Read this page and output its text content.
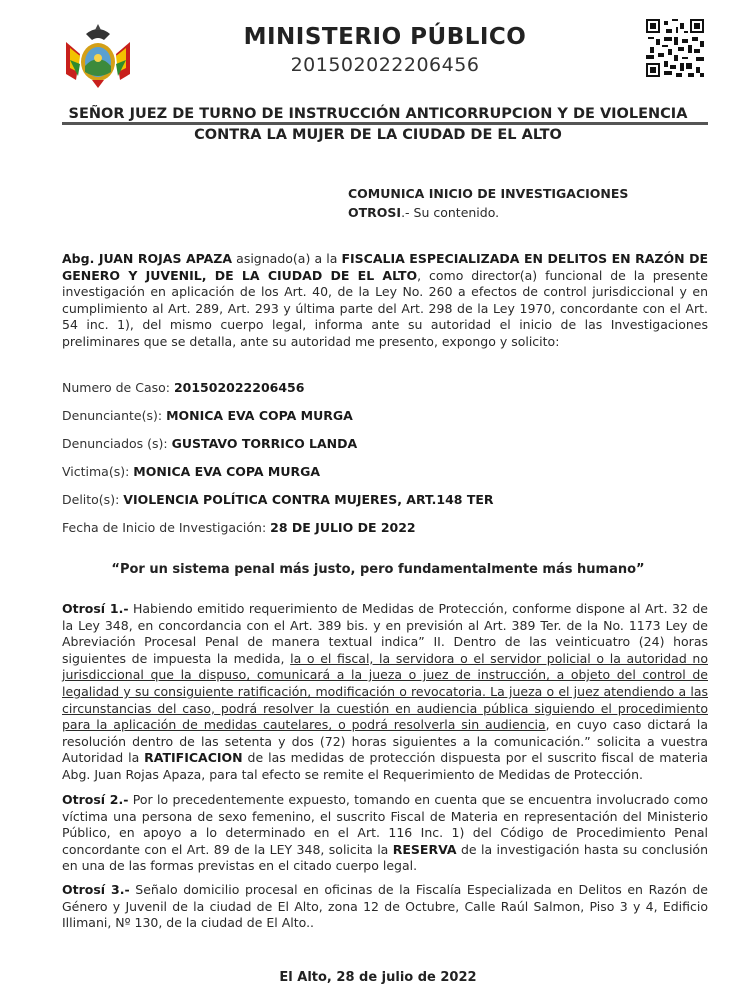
MINISTERIO PÚBLICO
201502022206456
SEÑOR JUEZ DE TURNO DE INSTRUCCIÓN ANTICORRUPCION Y DE VIOLENCIA
CONTRA LA MUJER DE LA CIUDAD DE EL ALTO
COMUNICA INICIO DE INVESTIGACIONES
OTROSI.- Su contenido.
Abg. JUAN ROJAS APAZA asignado(a) a la FISCALIA ESPECIALIZADA EN DELITOS EN RAZÓN DE GENERO Y JUVENIL, DE LA CIUDAD DE EL ALTO, como director(a) funcional de la presente investigación en aplicación de los Art. 40, de la Ley No. 260 a efectos de control jurisdiccional y en cumplimiento al Art. 289, Art. 293 y última parte del Art. 298 de la Ley 1970, concordante con el Art. 54 inc. 1), del mismo cuerpo legal, informa ante su autoridad el inicio de las Investigaciones preliminares que se detalla, ante su autoridad me presento, expongo y solicito:
Numero de Caso: 201502022206456
Denunciante(s): MONICA EVA COPA MURGA
Denunciados (s): GUSTAVO TORRICO LANDA
Victima(s): MONICA EVA COPA MURGA
Delito(s): VIOLENCIA POLÍTICA CONTRA MUJERES, ART.148 TER
Fecha de Inicio de Investigación: 28 DE JULIO DE 2022
“Por un sistema penal más justo, pero fundamentalmente más humano”
Otrosí 1.- Habiendo emitido requerimiento de Medidas de Protección, conforme dispone al Art. 32 de la Ley 348, en concordancia con el Art. 389 bis. y en previsión al Art. 389 Ter. de la No. 1173 Ley de Abreviación Procesal Penal de manera textual indica” II. Dentro de las veinticuatro (24) horas siguientes de impuesta la medida, la o el fiscal, la servidora o el servidor policial o la autoridad no jurisdiccional que la dispuso, comunicará a la jueza o juez de instrucción, a objeto del control de legalidad y su consiguiente ratificación, modificación o revocatoria. La jueza o el juez atendiendo a las circunstancias del caso, podrá resolver la cuestión en audiencia pública siguiendo el procedimiento para la aplicación de medidas cautelares, o podrá resolverla sin audiencia, en cuyo caso dictará la resolución dentro de las setenta y dos (72) horas siguientes a la comunicación.” solicita a vuestra Autoridad la RATIFICACION de las medidas de protección dispuesta por el suscrito fiscal de materia Abg. Juan Rojas Apaza, para tal efecto se remite el Requerimiento de Medidas de Protección.
Otrosí 2.- Por lo precedentemente expuesto, tomando en cuenta que se encuentra involucrado como víctima una persona de sexo femenino, el suscrito Fiscal de Materia en representación del Ministerio Público, en apoyo a lo determinado en el Art. 116 Inc. 1) del Código de Procedimiento Penal concordante con el Art. 89 de la LEY 348, solicita la RESERVA de la investigación hasta su conclusión en una de las formas previstas en el citado cuerpo legal.
Otrosí 3.- Señalo domicilio procesal en oficinas de la Fiscalía Especializada en Delitos en Razón de Género y Juvenil de la ciudad de El Alto, zona 12 de Octubre, Calle Raúl Salmon, Piso 3 y 4, Edificio Illimani, Nº 130, de la ciudad de El Alto..
El Alto, 28 de julio de 2022
